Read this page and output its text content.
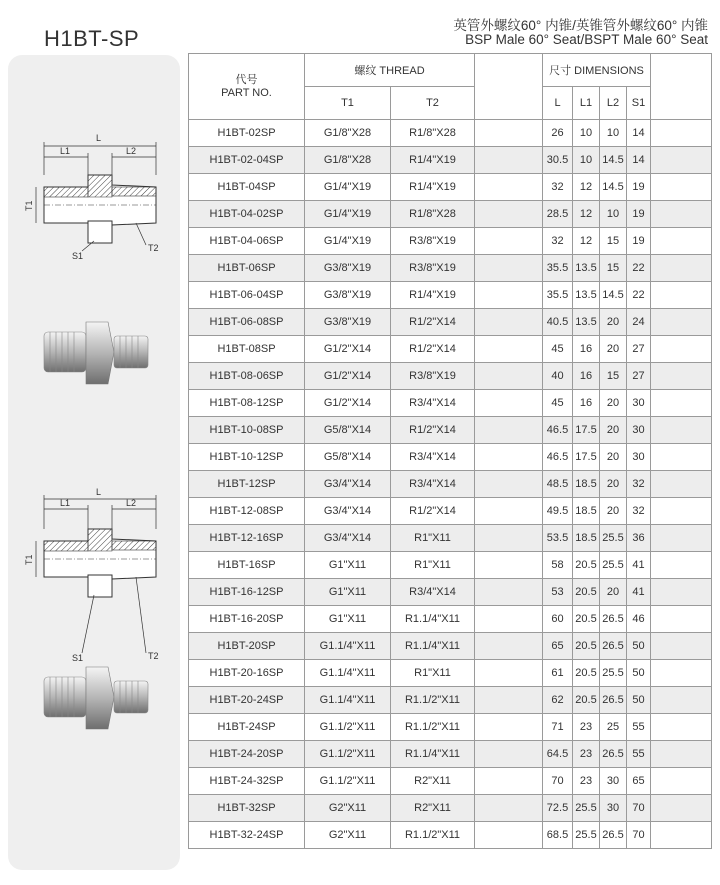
H1BT-SP
英管外螺纹60° 内锥/英锥管外螺纹60° 内锥
BSP Male 60° Seat/BSPT Male 60° Seat
L
L1	L2
T1
S1
T2
L
L1	L2
T1
S1	T2
代号
PART NO.	螺纹 THREAD			尺寸 DIMENSIONS				
	T1	T2		L	L1	L2	S1	
H1BT-02SP	G1/8"X28	R1/8"X28		26	10	10	14	
H1BT-02-04SP	G1/8"X28	R1/4"X19		30.5	10	14.5	14	
H1BT-04SP	G1/4"X19	R1/4"X19		32	12	14.5	19	
H1BT-04-02SP	G1/4"X19	R1/8"X28		28.5	12	10	19	
H1BT-04-06SP	G1/4"X19	R3/8"X19		32	12	15	19	
H1BT-06SP	G3/8"X19	R3/8"X19		35.5	13.5	15	22	
H1BT-06-04SP	G3/8"X19	R1/4"X19		35.5	13.5	14.5	22	
H1BT-06-08SP	G3/8"X19	R1/2"X14		40.5	13.5	20	24	
H1BT-08SP	G1/2"X14	R1/2"X14		45	16	20	27	
H1BT-08-06SP	G1/2"X14	R3/8"X19		40	16	15	27	
H1BT-08-12SP	G1/2"X14	R3/4"X14		45	16	20	30	
H1BT-10-08SP	G5/8"X14	R1/2"X14		46.5	17.5	20	30	
H1BT-10-12SP	G5/8"X14	R3/4"X14		46.5	17.5	20	30	
H1BT-12SP	G3/4"X14	R3/4"X14		48.5	18.5	20	32	
H1BT-12-08SP	G3/4"X14	R1/2"X14		49.5	18.5	20	32	
H1BT-12-16SP	G3/4"X14	R1"X11		53.5	18.5	25.5	36	
H1BT-16SP	G1"X11	R1"X11		58	20.5	25.5	41	
H1BT-16-12SP	G1"X11	R3/4"X14		53	20.5	20	41	
H1BT-16-20SP	G1"X11	R1.1/4"X11		60	20.5	26.5	46	
H1BT-20SP	G1.1/4"X11	R1.1/4"X11		65	20.5	26.5	50	
H1BT-20-16SP	G1.1/4"X11	R1"X11		61	20.5	25.5	50	
H1BT-20-24SP	G1.1/4"X11	R1.1/2"X11		62	20.5	26.5	50	
H1BT-24SP	G1.1/2"X11	R1.1/2"X11		71	23	25	55	
H1BT-24-20SP	G1.1/2"X11	R1.1/4"X11		64.5	23	26.5	55	
H1BT-24-32SP	G1.1/2"X11	R2"X11		70	23	30	65	
H1BT-32SP	G2"X11	R2"X11		72.5	25.5	30	70	
H1BT-32-24SP	G2"X11	R1.1/2"X11		68.5	25.5	26.5	70	
